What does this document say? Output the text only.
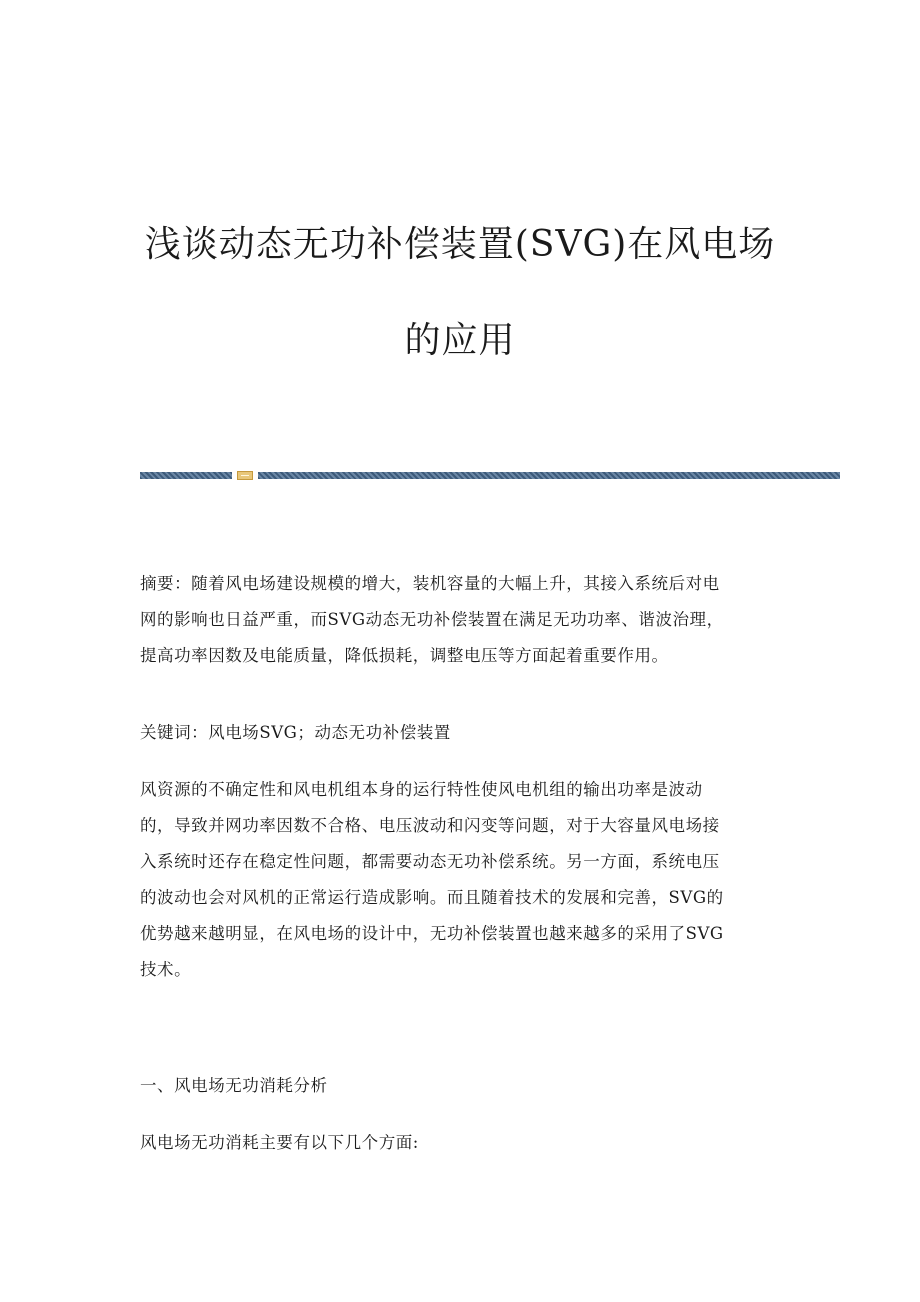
浅谈动态无功补偿装置(SVG)在风电场
的应用

摘要：随着风电场建设规模的增大，装机容量的大幅上升，其接入系统后对电
网的影响也日益严重，而SVG动态无功补偿装置在满足无功功率、谐波治理，
提高功率因数及电能质量，降低损耗，调整电压等方面起着重要作用。

关键词：风电场SVG；动态无功补偿装置

风资源的不确定性和风电机组本身的运行特性使风电机组的输出功率是波动
的，导致并网功率因数不合格、电压波动和闪变等问题，对于大容量风电场接
入系统时还存在稳定性问题，都需要动态无功补偿系统。另一方面，系统电压
的波动也会对风机的正常运行造成影响。而且随着技术的发展和完善，SVG的
优势越来越明显，在风电场的设计中，无功补偿装置也越来越多的采用了SVG
技术。

一、风电场无功消耗分析

风电场无功消耗主要有以下几个方面:
